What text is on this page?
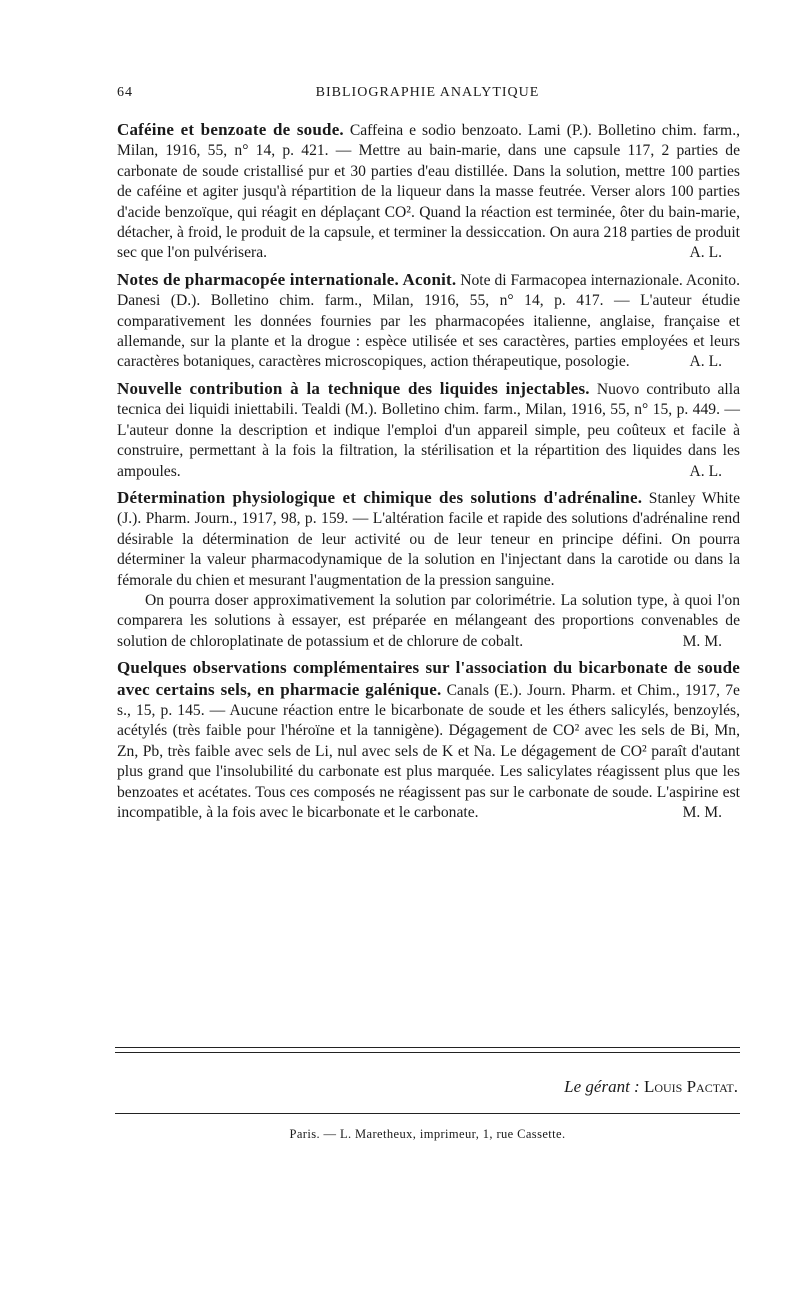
64	BIBLIOGRAPHIE ANALYTIQUE

Caféine et benzoate de soude. Caffeina e sodio benzoato. Lami (P.). Bolletino chim. farm., Milan, 1916, 55, n° 14, p. 421. — Mettre au bain-marie, dans une capsule 117, 2 parties de carbonate de soude cristallisé pur et 30 parties d'eau distillée. Dans la solution, mettre 100 parties de caféine et agiter jusqu'à répartition de la liqueur dans la masse feutrée. Verser alors 100 parties d'acide benzoïque, qui réagit en déplaçant CO². Quand la réaction est terminée, ôter du bain-marie, détacher, à froid, le produit de la capsule, et terminer la dessiccation. On aura 218 parties de produit sec que l'on pulvérisera.	A. L.

Notes de pharmacopée internationale. Aconit. Note di Farmacopea internazionale. Aconito. Danesi (D.). Bolletino chim. farm., Milan, 1916, 55, n° 14, p. 417. — L'auteur étudie comparativement les données fournies par les pharmacopées italienne, anglaise, française et allemande, sur la plante et la drogue : espèce utilisée et ses caractères, parties employées et leurs caractères botaniques, caractères microscopiques, action thérapeutique, posologie.	A. L.

Nouvelle contribution à la technique des liquides injectables. Nuovo contributo alla tecnica dei liquidi iniettabili. Tealdi (M.). Bolletino chim. farm., Milan, 1916, 55, n° 15, p. 449. — L'auteur donne la description et indique l'emploi d'un appareil simple, peu coûteux et facile à construire, permettant à la fois la filtration, la stérilisation et la répartition des liquides dans les ampoules.	A. L.

Détermination physiologique et chimique des solutions d'adrénaline. Stanley White (J.). Pharm. Journ., 1917, 98, p. 159. — L'altération facile et rapide des solutions d'adrénaline rend désirable la détermination de leur activité ou de leur teneur en principe défini. On pourra déterminer la valeur pharmacodynamique de la solution en l'injectant dans la carotide ou dans la fémorale du chien et mesurant l'augmentation de la pression sanguine.

On pourra doser approximativement la solution par colorimétrie. La solution type, à quoi l'on comparera les solutions à essayer, est préparée en mélangeant des proportions convenables de solution de chloroplatinate de potassium et de chlorure de cobalt.	M. M.

Quelques observations complémentaires sur l'association du bicarbonate de soude avec certains sels, en pharmacie galénique. Canals (E.). Journ. Pharm. et Chim., 1917, 7e s., 15, p. 145. — Aucune réaction entre le bicarbonate de soude et les éthers salicylés, benzoylés, acétylés (très faible pour l'héroïne et la tannigène). Dégagement de CO² avec les sels de Bi, Mn, Zn, Pb, très faible avec sels de Li, nul avec sels de K et Na. Le dégagement de CO² paraît d'autant plus grand que l'insolubilité du carbonate est plus marquée. Les salicylates réagissent plus que les benzoates et acétates. Tous ces composés ne réagissent pas sur le carbonate de soude. L'aspirine est incompatible, à la fois avec le bicarbonate et le carbonate.	M. M.

Le gérant : Louis Pactat.
Paris. — L. Maretheux, imprimeur, 1, rue Cassette.
